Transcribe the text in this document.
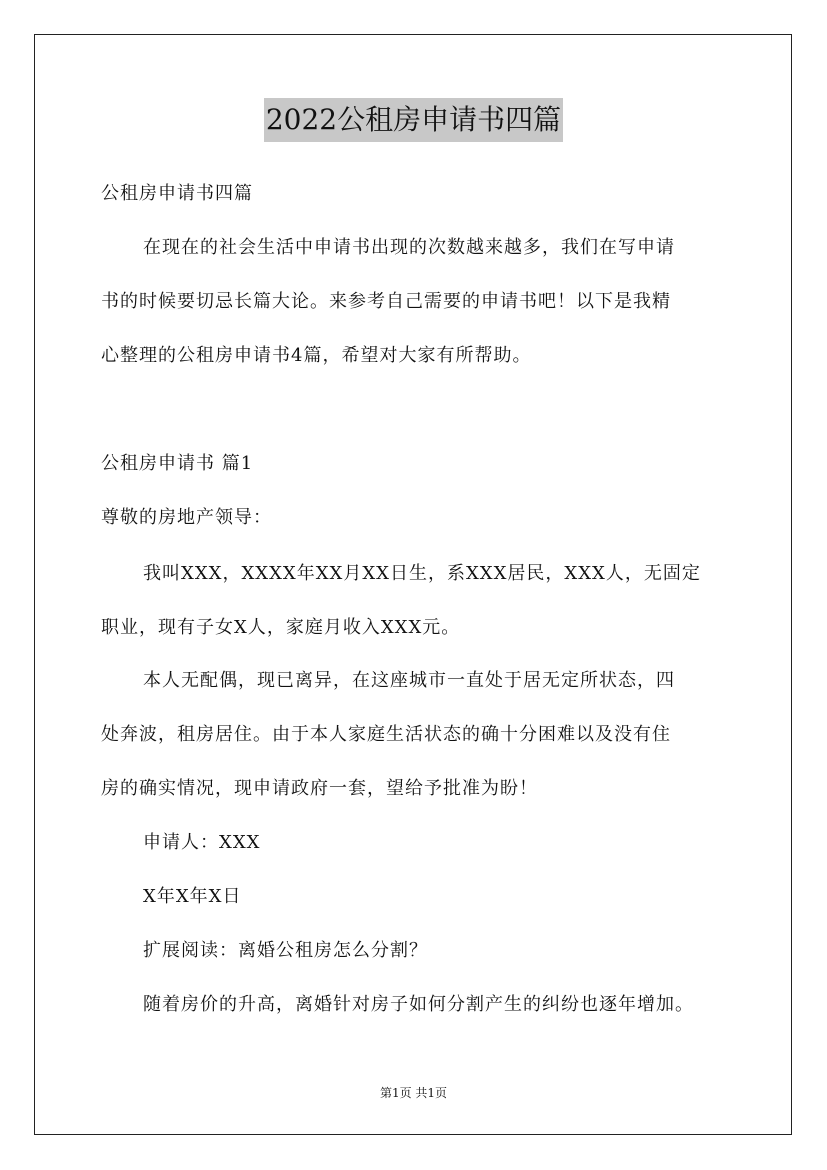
2022公租房申请书四篇
公租房申请书四篇
在现在的社会生活中申请书出现的次数越来越多，我们在写申请
书的时候要切忌长篇大论。来参考自己需要的申请书吧！以下是我精
心整理的公租房申请书4篇，希望对大家有所帮助。
公租房申请书 篇1
尊敬的房地产领导：
我叫XXX，XXXX年XX月XX日生，系XXX居民，XXX人，无固定
职业，现有子女X人，家庭月收入XXX元。
本人无配偶，现已离异，在这座城市一直处于居无定所状态，四
处奔波，租房居住。由于本人家庭生活状态的确十分困难以及没有住
房的确实情况，现申请政府一套，望给予批准为盼！
申请人：XXX
X年X年X日
扩展阅读：离婚公租房怎么分割？
随着房价的升高，离婚针对房子如何分割产生的纠纷也逐年增加。
第1页 共1页
